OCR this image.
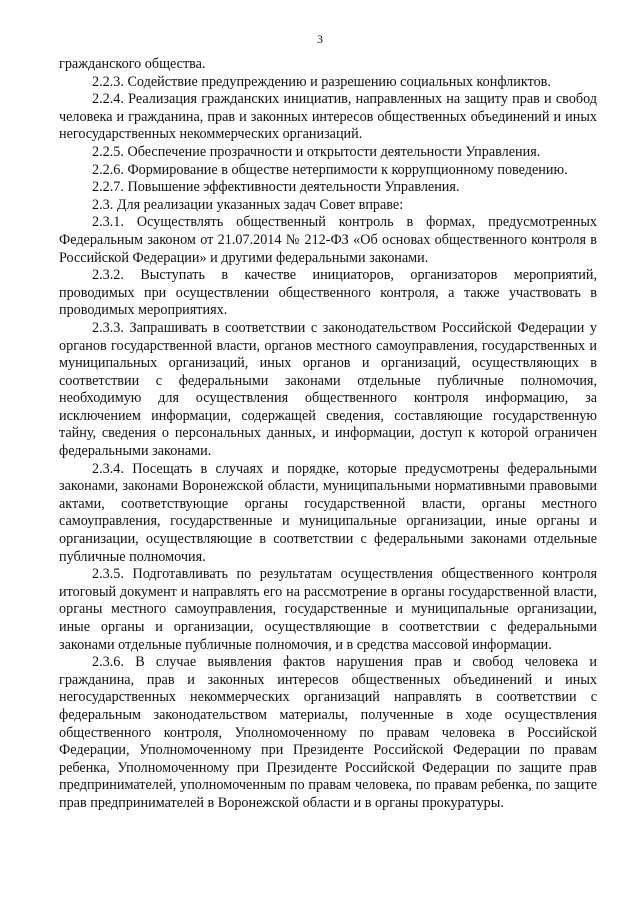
3

гражданского общества.

2.2.3. Содействие предупреждению и разрешению социальных конфликтов.

2.2.4. Реализация гражданских инициатив, направленных на защиту прав и свобод человека и гражданина, прав и законных интересов общественных объединений и иных негосударственных некоммерческих организаций.

2.2.5. Обеспечение прозрачности и открытости деятельности Управления.

2.2.6. Формирование в обществе нетерпимости к коррупционному поведению.

2.2.7. Повышение эффективности деятельности Управления.

2.3. Для реализации указанных задач Совет вправе:

2.3.1. Осуществлять общественный контроль в формах, предусмотренных Федеральным законом от 21.07.2014 № 212-ФЗ «Об основах общественного контроля в Российской Федерации» и другими федеральными законами.

2.3.2. Выступать в качестве инициаторов, организаторов мероприятий, проводимых при осуществлении общественного контроля, а также участвовать в проводимых мероприятиях.

2.3.3. Запрашивать в соответствии с законодательством Российской Федерации у органов государственной власти, органов местного самоуправления, государственных и муниципальных организаций, иных органов и организаций, осуществляющих в соответствии с федеральными законами отдельные публичные полномочия, необходимую для осуществления общественного контроля информацию, за исключением информации, содержащей сведения, составляющие государственную тайну, сведения о персональных данных, и информации, доступ к которой ограничен федеральными законами.

2.3.4. Посещать в случаях и порядке, которые предусмотрены федеральными законами, законами Воронежской области, муниципальными нормативными правовыми актами, соответствующие органы государственной власти, органы местного самоуправления, государственные и муниципальные организации, иные органы и организации, осуществляющие в соответствии с федеральными законами отдельные публичные полномочия.

2.3.5. Подготавливать по результатам осуществления общественного контроля итоговый документ и направлять его на рассмотрение в органы государственной власти, органы местного самоуправления, государственные и муниципальные организации, иные органы и организации, осуществляющие в соответствии с федеральными законами отдельные публичные полномочия, и в средства массовой информации.

2.3.6. В случае выявления фактов нарушения прав и свобод человека и гражданина, прав и законных интересов общественных объединений и иных негосударственных некоммерческих организаций направлять в соответствии с федеральным законодательством материалы, полученные в ходе осуществления общественного контроля, Уполномоченному по правам человека в Российской Федерации, Уполномоченному при Президенте Российской Федерации по правам ребенка, Уполномоченному при Президенте Российской Федерации по защите прав предпринимателей, уполномоченным по правам человека, по правам ребенка, по защите прав предпринимателей в Воронежской области и в органы прокуратуры.
